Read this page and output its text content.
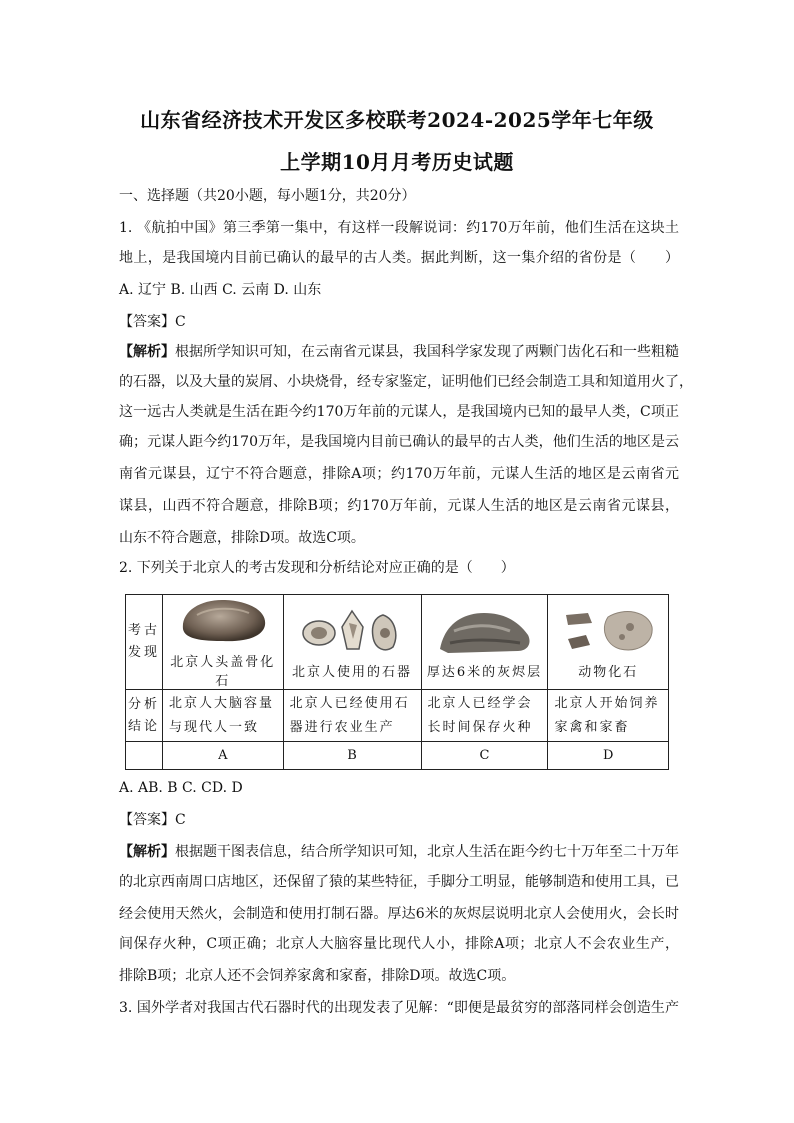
山东省经济技术开发区多校联考2024-2025学年七年级
上学期10月月考历史试题
一、选择题（共20小题，每小题1分，共20分）
1. 《航拍中国》第三季第一集中，有这样一段解说词：约170万年前，他们生活在这块土
地上，是我国境内目前已确认的最早的古人类。据此判断，这一集介绍的省份是（　　）
A. 辽宁 B. 山西 C. 云南 D. 山东
【答案】C
【解析】根据所学知识可知，在云南省元谋县，我国科学家发现了两颗门齿化石和一些粗糙
的石器，以及大量的炭屑、小块烧骨，经专家鉴定，证明他们已经会制造工具和知道用火了，
这一远古人类就是生活在距今约170万年前的元谋人，是我国境内已知的最早人类，C项正
确；元谋人距今约170万年，是我国境内目前已确认的最早的古人类，他们生活的地区是云
南省元谋县，辽宁不符合题意，排除A项；约170万年前，元谋人生活的地区是云南省元
谋县，山西不符合题意，排除B项；约170万年前，元谋人生活的地区是云南省元谋县，
山东不符合题意，排除D项。故选C项。
2. 下列关于北京人的考古发现和分析结论对应正确的是（　　）
考古发现	北京人头盖骨化石	北京人使用的石器	厚达6米的灰烬层	动物化石

分析结论	北京人大脑容量与现代人一致	北京人已经使用石器进行农业生产	北京人已经学会长时间保存火种	北京人开始饲养家禽和家畜
	A	B	C	D
A. AB. B C. CD. D
【答案】C
【解析】根据题干图表信息，结合所学知识可知，北京人生活在距今约七十万年至二十万年
的北京西南周口店地区，还保留了猿的某些特征，手脚分工明显，能够制造和使用工具，已
经会使用天然火，会制造和使用打制石器。厚达6米的灰烬层说明北京人会使用火，会长时
间保存火种，C项正确；北京人大脑容量比现代人小，排除A项；北京人不会农业生产，
排除B项；北京人还不会饲养家禽和家畜，排除D项。故选C项。
3. 国外学者对我国古代石器时代的出现发表了见解：“即便是最贫穷的部落同样会创造生产
